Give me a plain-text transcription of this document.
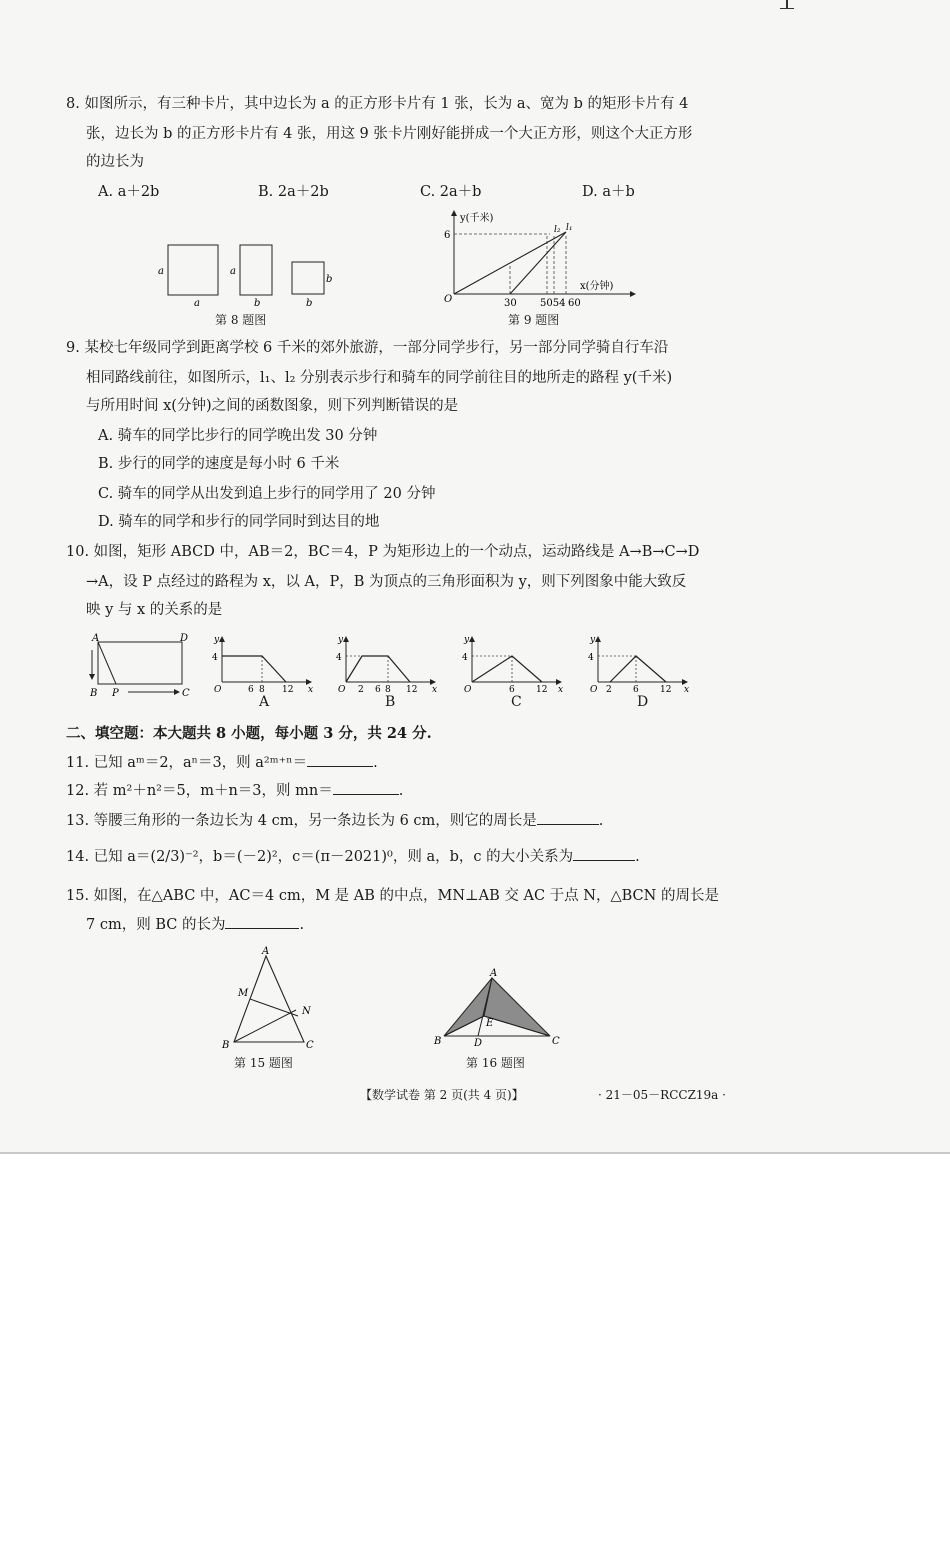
8. 如图所示，有三种卡片，其中边长为 a 的正方形卡片有 1 张，长为 a、宽为 b 的矩形卡片有 4
张，边长为 b 的正方形卡片有 4 张，用这 9 张卡片刚好能拼成一个大正方形，则这个大正方形
的边长为
A. a＋2b	B. 2a＋2b	C. 2a＋b	D. a＋b
a
a
a
b
b
b
第 8 题图
y(千米)
x(分钟)
O
6
30 5054 60
l₂ l₁
第 9 题图
9. 某校七年级同学到距离学校 6 千米的郊外旅游，一部分同学步行，另一部分同学骑自行车沿
相同路线前往，如图所示，l₁、l₂ 分别表示步行和骑车的同学前往目的地所走的路程 y(千米)
与所用时间 x(分钟)之间的函数图象，则下列判断错误的是
A. 骑车的同学比步行的同学晚出发 30 分钟
B. 步行的同学的速度是每小时 6 千米
C. 骑车的同学从出发到追上步行的同学用了 20 分钟
D. 骑车的同学和步行的同学同时到达目的地
10. 如图，矩形 ABCD 中，AB＝2，BC＝4，P 为矩形边上的一个动点，运动路线是 A→B→C→D
→A，设 P 点经过的路程为 x，以 A，P，B 为顶点的三角形面积为 y，则下列图象中能大致反
映 y 与 x 的关系的是
A	D
B P	C
y
x
4
O	6 8 12
A
y
x
4
O 2 6 8 12
B
y
x
4
O	6 12
C
y
x
4
O 2 6 12
D
二、填空题：本大题共 8 小题，每小题 3 分，共 24 分.
11. 已知 aᵐ＝2，aⁿ＝3，则 a²ᵐ⁺ⁿ＝	.
12. 若 m²＋n²＝5，m＋n＝3，则 mn＝	.
13. 等腰三角形的一条边长为 4 cm，另一条边长为 6 cm，则它的周长是	.
14. 已知 a＝(2/3)⁻²，b＝(－2)²，c＝(π－2021)⁰，则 a，b，c 的大小关系为	.
15. 如图，在△ABC 中，AC＝4 cm，M 是 AB 的中点，MN⊥AB 交 AC 于点 N，△BCN 的周长是
7 cm，则 BC 的长为	.
A
M
N
B	C
第 15 题图
A
E
B	D	C
第 16 题图
【数学试卷 第 2 页(共 4 页)】	· 21－05－RCCZ19a ·
